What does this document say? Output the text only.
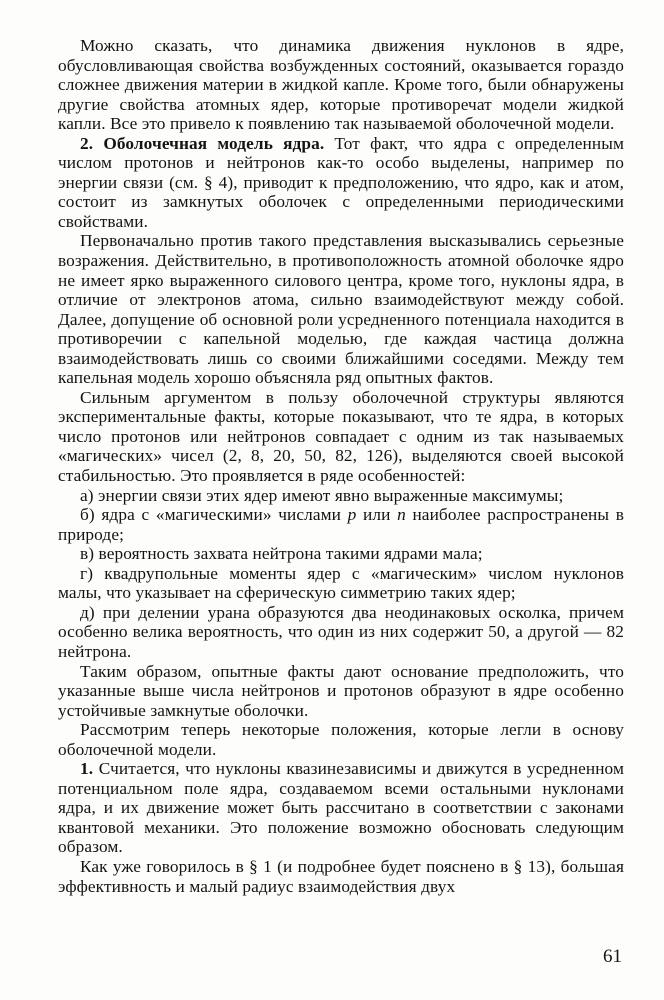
Можно сказать, что динамика движения нуклонов в ядре, обусловливающая свойства возбужденных состояний, оказывается гораздо сложнее движения материи в жидкой капле. Кроме того, были обнаружены другие свойства атомных ядер, которые противоречат модели жидкой капли. Все это привело к появлению так называемой оболочечной модели.

2. Оболочечная модель ядра. Тот факт, что ядра с определенным числом протонов и нейтронов как-то особо выделены, например по энергии связи (см. § 4), приводит к предположению, что ядро, как и атом, состоит из замкнутых оболочек с определенными периодическими свойствами.

Первоначально против такого представления высказывались серьезные возражения. Действительно, в противоположность атомной оболочке ядро не имеет ярко выраженного силового центра, кроме того, нуклоны ядра, в отличие от электронов атома, сильно взаимодействуют между собой. Далее, допущение об основной роли усредненного потенциала находится в противоречии с капельной моделью, где каждая частица должна взаимодействовать лишь со своими ближайшими соседями. Между тем капельная модель хорошо объясняла ряд опытных фактов.

Сильным аргументом в пользу оболочечной структуры являются экспериментальные факты, которые показывают, что те ядра, в которых число протонов или нейтронов совпадает с одним из так называемых «магических» чисел (2, 8, 20, 50, 82, 126), выделяются своей высокой стабильностью. Это проявляется в ряде особенностей:

а) энергии связи этих ядер имеют явно выраженные максимумы;

б) ядра с «магическими» числами p или n наиболее распространены в природе;

в) вероятность захвата нейтрона такими ядрами мала;

г) квадрупольные моменты ядер с «магическим» числом нуклонов малы, что указывает на сферическую симметрию таких ядер;

д) при делении урана образуются два неодинаковых осколка, причем особенно велика вероятность, что один из них содержит 50, а другой — 82 нейтрона.

Таким образом, опытные факты дают основание предположить, что указанные выше числа нейтронов и протонов образуют в ядре особенно устойчивые замкнутые оболочки.

Рассмотрим теперь некоторые положения, которые легли в основу оболочечной модели.

1. Считается, что нуклоны квазинезависимы и движутся в усредненном потенциальном поле ядра, создаваемом всеми остальными нуклонами ядра, и их движение может быть рассчитано в соответствии с законами квантовой механики. Это положение возможно обосновать следующим образом.

Как уже говорилось в § 1 (и подробнее будет пояснено в § 13), большая эффективность и малый радиус взаимодействия двух

61
